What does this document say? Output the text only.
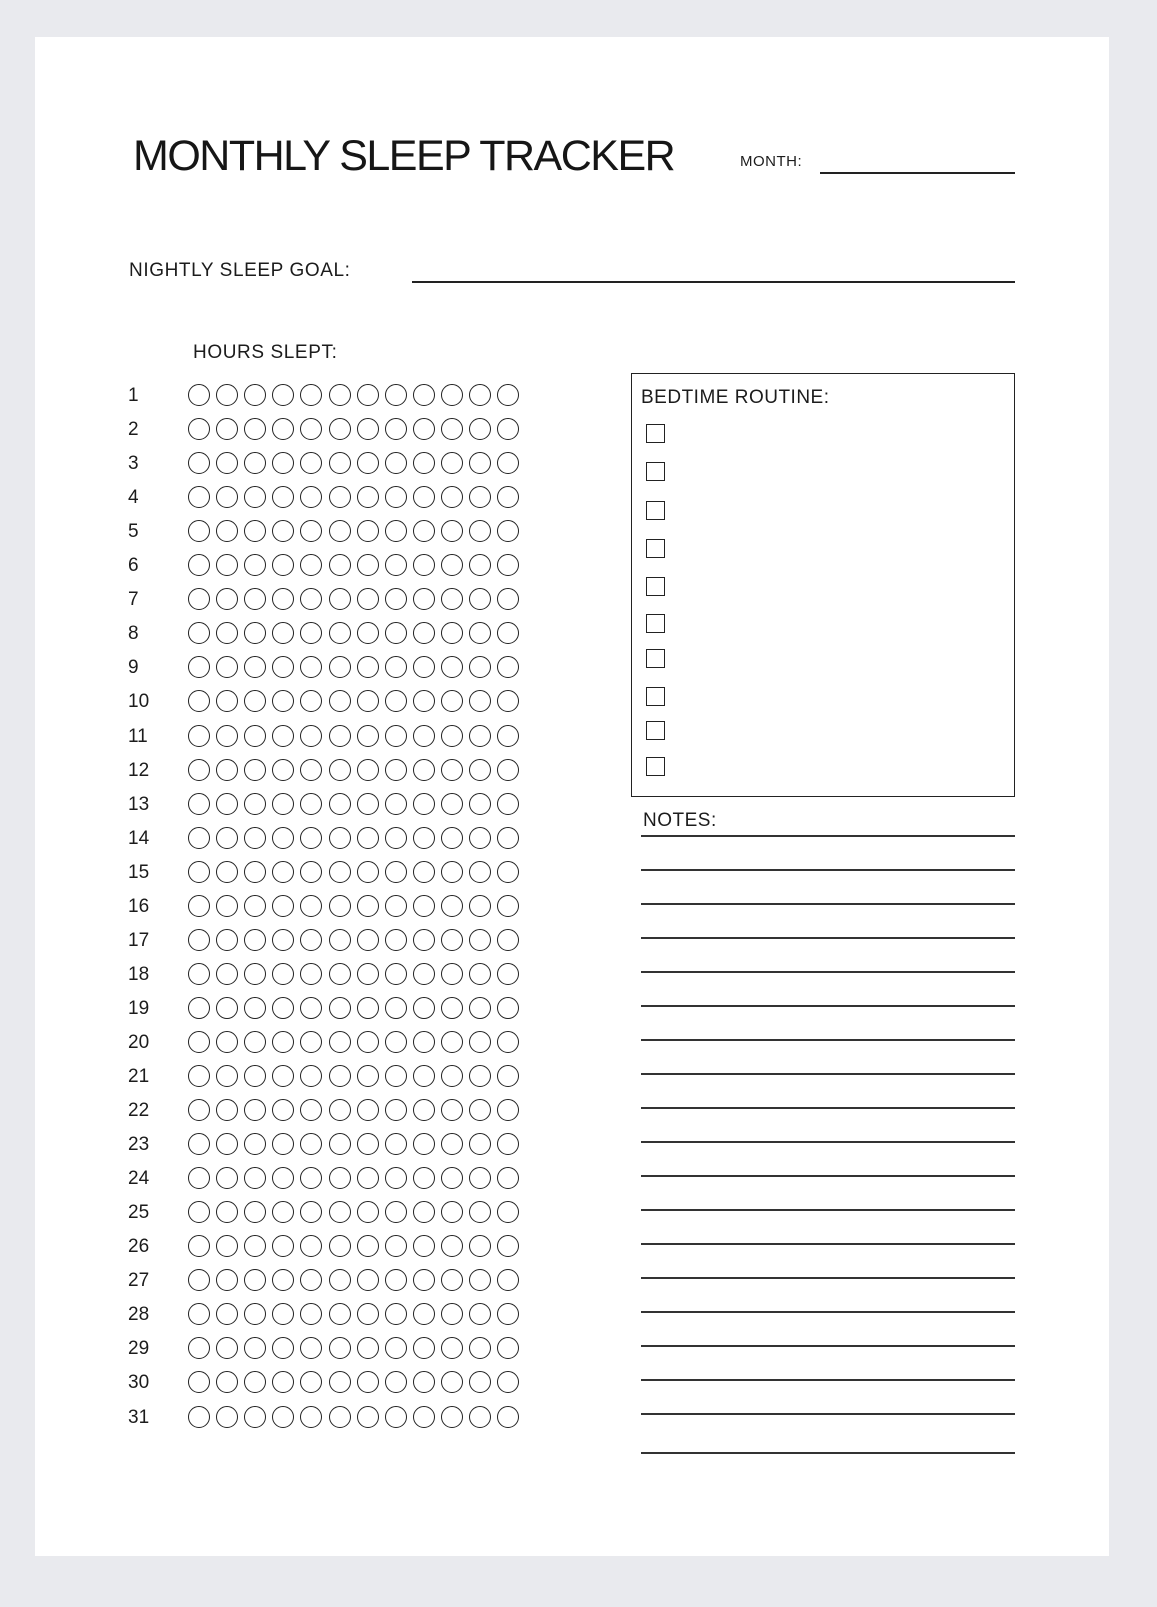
MONTHLY SLEEP TRACKER	MONTH:
NIGHTLY SLEEP GOAL:
HOURS SLEPT:
1
2
3
4
5
6
7
8
9
10
11
12
13
14
15
16
17
18
19
20
21
22
23
24
25
26
27
28
29
30
31
BEDTIME ROUTINE:
NOTES:
